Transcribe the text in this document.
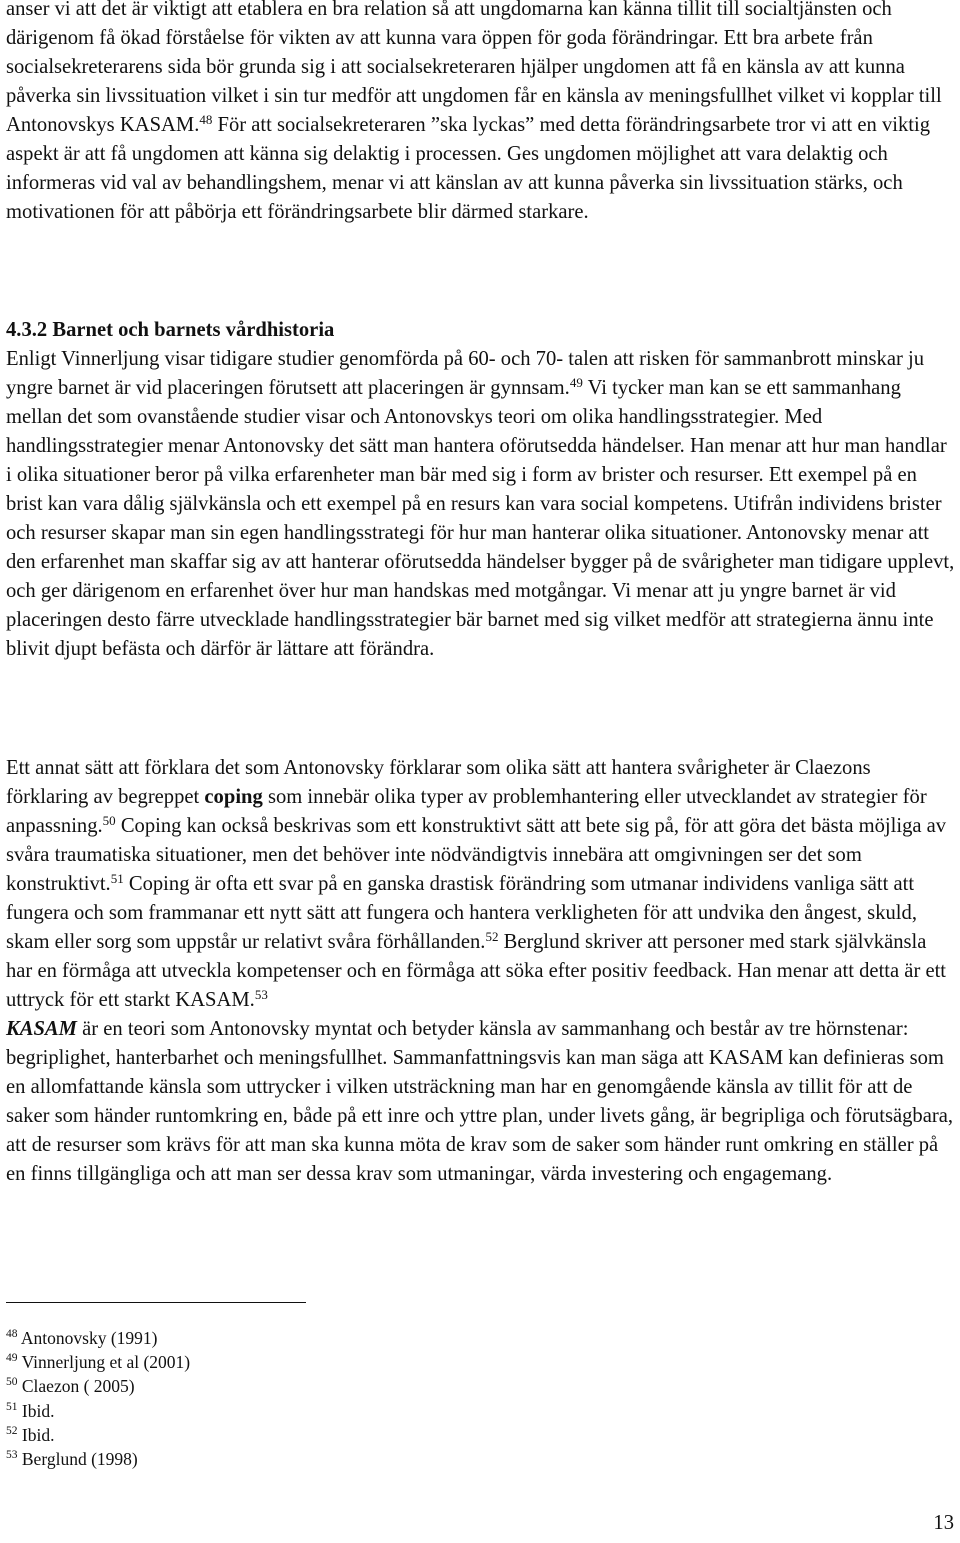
anser vi att det är viktigt att etablera en bra relation så att ungdomarna kan känna tillit till socialtjänsten och därigenom få ökad förståelse för vikten av att kunna vara öppen för goda förändringar. Ett bra arbete från socialsekreterarens sida bör grunda sig i att socialsekreteraren hjälper ungdomen att få en känsla av att kunna påverka sin livssituation vilket i sin tur medför att ungdomen får en känsla av meningsfullhet vilket vi kopplar till Antonovskys KASAM.$^{48}$ För att socialsekreteraren ”ska lyckas” med detta förändringsarbete tror vi att en viktig aspekt är att få ungdomen att känna sig delaktig i processen. Ges ungdomen möjlighet att vara delaktig och informeras vid val av behandlingshem, menar vi att känslan av att kunna påverka sin livssituation stärks, och motivationen för att påbörja ett förändringsarbete blir därmed starkare.

4.3.2 Barnet och barnets vårdhistoria

Enligt Vinnerljung visar tidigare studier genomförda på 60- och 70- talen att risken för sammanbrott minskar ju yngre barnet är vid placeringen förutsett att placeringen är gynnsam.$^{49}$ Vi tycker man kan se ett sammanhang mellan det som ovanstående studier visar och Antonovskys teori om olika handlingsstrategier. Med handlingsstrategier menar Antonovsky det sätt man hantera oförutsedda händelser. Han menar att hur man handlar i olika situationer beror på vilka erfarenheter man bär med sig i form av brister och resurser. Ett exempel på en brist kan vara dålig självkänsla och ett exempel på en resurs kan vara social kompetens. Utifrån individens brister och resurser skapar man sin egen handlingsstrategi för hur man hanterar olika situationer. Antonovsky menar att den erfarenhet man skaffar sig av att hanterar oförutsedda händelser bygger på de svårigheter man tidigare upplevt, och ger därigenom en erfarenhet över hur man handskas med motgångar. Vi menar att ju yngre barnet är vid placeringen desto färre utvecklade handlingsstrategier bär barnet med sig vilket medför att strategierna ännu inte blivit djupt befästa och därför är lättare att förändra.

Ett annat sätt att förklara det som Antonovsky förklarar som olika sätt att hantera svårigheter är Claezons förklaring av begreppet coping som innebär olika typer av problemhantering eller utvecklandet av strategier för anpassning.$^{50}$ Coping kan också beskrivas som ett konstruktivt sätt att bete sig på, för att göra det bästa möjliga av svåra traumatiska situationer, men det behöver inte nödvändigtvis innebära att omgivningen ser det som konstruktivt.$^{51}$ Coping är ofta ett svar på en ganska drastisk förändring som utmanar individens vanliga sätt att fungera och som frammanar ett nytt sätt att fungera och hantera verkligheten för att undvika den ångest, skuld, skam eller sorg som uppstår ur relativt svåra förhållanden.$^{52}$ Berglund skriver att personer med stark självkänsla har en förmåga att utveckla kompetenser och en förmåga att söka efter positiv feedback. Han menar att detta är ett uttryck för ett starkt KASAM.$^{53}$
KASAM är en teori som Antonovsky myntat och betyder känsla av sammanhang och består av tre hörnstenar: begriplighet, hanterbarhet och meningsfullhet. Sammanfattningsvis kan man säga att KASAM kan definieras som en allomfattande känsla som uttrycker i vilken utsträckning man har en genomgående känsla av tillit för att de saker som händer runtomkring en, både på ett inre och yttre plan, under livets gång, är begripliga och förutsägbara, att de resurser som krävs för att man ska kunna möta de krav som de saker som händer runt omkring en ställer på en finns tillgängliga och att man ser dessa krav som utmaningar, värda investering och engagemang.

$^{48}$ Antonovsky (1991)
$^{49}$ Vinnerljung et al (2001)
$^{50}$ Claezon ( 2005)
$^{51}$ Ibid.
$^{52}$ Ibid.
$^{53}$ Berglund (1998)
13
